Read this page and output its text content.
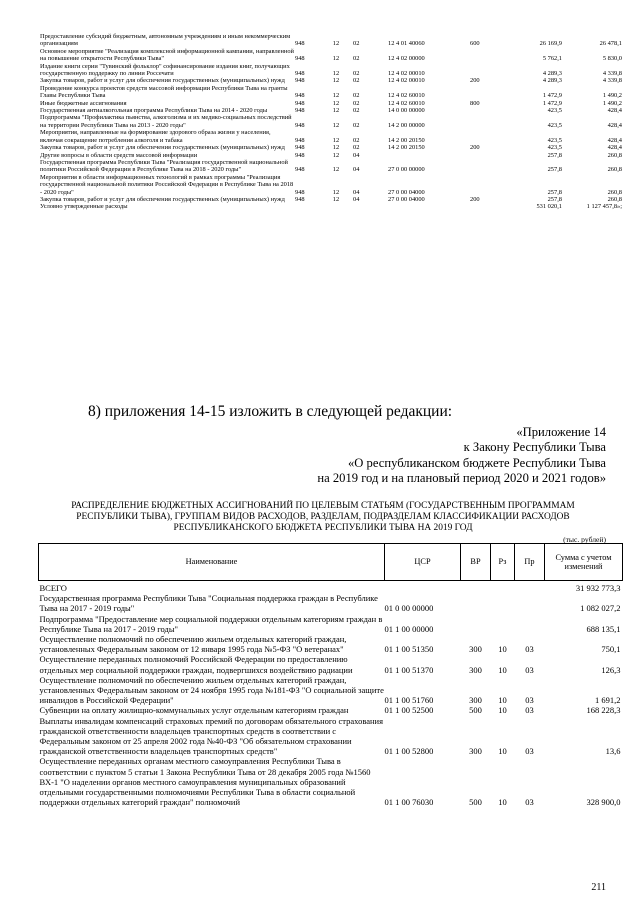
Предоставление субсидий бюджетным, автономным учреждениям и иным некоммерческим организациям	948	12	02	12 4 01 40060	600	26 169,9	26 478,1
Основное мероприятие "Реализация комплексной информационной кампании, направленной на повышение открытости Республики Тыва"	948	12	02	12 4 02 00000		5 762,1	5 830,0
Издание книги серии "Тувинский фольклор" софинансирование издания книг, получающих государственную поддержку по линии Россечати	948	12	02	12 4 02 00010		4 289,3	4 339,8
Закупка товаров, работ и услуг для обеспечения государственных (муниципальных) нужд	948	12	02	12 4 02 00010	200	4 289,3	4 339,8
Проведение конкурса проектов средств массовой информации Республики Тыва на гранты Главы Республики Тыва	948	12	02	12 4 02 60010		1 472,9	1 490,2
Иные бюджетные ассигнования	948	12	02	12 4 02 60010	800	1 472,9	1 490,2
Государственная антиалкогольная программа Республики Тыва на 2014 - 2020 годы	948	12	02	14 0 00 00000		423,5	428,4
Подпрограмма "Профилактика пьянства, алкоголизма и их медико-социальных последствий на территории Республики Тыва на 2013 - 2020 годы"	948	12	02	14 2 00 00000		423,5	428,4
Мероприятия, направленные на формирование здорового образа жизни у населения, включая сокращение потребления алкоголя и табака	948	12	02	14 2 00 20150		423,5	428,4
Закупка товаров, работ и услуг для обеспечения государственных (муниципальных) нужд	948	12	02	14 2 00 20150	200	423,5	428,4
Другие вопросы в области средств массовой информации	948	12	04			257,8	260,8
Государственная программа Республики Тыва "Реализация государственной национальной политики Российской Федерации в Республике Тыва на 2018 - 2020 годы"	948	12	04	27 0 00 00000		257,8	260,8
Мероприятия в области информационных технологий в рамках программы "Реализация государственной национальной политики Российской Федерации в Республике Тыва на 2018 - 2020 годы"	948	12	04	27 0 00 04000		257,8	260,8
Закупка товаров, работ и услуг для обеспечения государственных (муниципальных) нужд	948	12	04	27 0 00 04000	200	257,8	260,8
Условно утвержденные расходы						531 020,1	1 127 457,8»;
8) приложения 14-15 изложить в следующей редакции:
«Приложение 14
к Закону Республики Тыва
«О республиканском бюджете Республики Тыва
на 2019 год и на плановый период 2020 и 2021 годов»
РАСПРЕДЕЛЕНИЕ БЮДЖЕТНЫХ АССИГНОВАНИЙ ПО ЦЕЛЕВЫМ СТАТЬЯМ (ГОСУДАРСТВЕННЫМ ПРОГРАММАМ РЕСПУБЛИКИ ТЫВА), ГРУППАМ ВИДОВ РАСХОДОВ, РАЗДЕЛАМ, ПОДРАЗДЕЛАМ КЛАССИФИКАЦИИ РАСХОДОВ РЕСПУБЛИКАНСКОГО БЮДЖЕТА РЕСПУБЛИКИ ТЫВА НА 2019 ГОД
(тыс. рублей)
Наименование	ЦСР	ВР	Рз	Пр	Сумма с учетом изменений
ВСЕГО					31 932 773,3
Государственная программа Республики Тыва "Социальная поддержка граждан в Республике Тыва на 2017 - 2019 годы"	01 0 00 00000				1 082 027,2
Подпрограмма "Предоставление мер социальной поддержки отдельным категориям граждан в Республике Тыва на 2017 - 2019 годы"	01 1 00 00000				688 135,1
Осуществление полномочий по обеспечению жильем отдельных категорий граждан, установленных Федеральным законом от 12 января 1995 года №5-ФЗ "О ветеранах"	01 1 00 51350	300	10	03	750,1
Осуществление переданных полномочий Российской Федерации по предоставлению отдельных мер социальной поддержки граждан, подвергшихся воздействию радиации	01 1 00 51370	300	10	03	126,3
Осуществление полномочий по обеспечению жильем отдельных категорий граждан, установленных Федеральным законом от 24 ноября 1995 года №181-ФЗ "О социальной защите инвалидов в Российской Федерации"	01 1 00 51760	300	10	03	1 691,2
Субвенции на оплату жилищно-коммунальных услуг отдельным категориям граждан	01 1 00 52500	500	10	03	168 228,3
Выплаты инвалидам компенсаций страховых премий по договорам обязательного страхования гражданской ответственности владельцев транспортных средств в соответствии с Федеральным законом от 25 апреля 2002 года №40-ФЗ "Об обязательном страховании гражданской ответственности владельцев транспортных средств"	01 1 00 52800	300	10	03	13,6
Осуществление переданных органам местного самоуправления Республики Тыва в соответствии с пунктом 5 статьи 1 Закона Республики Тыва от 28 декабря 2005 года №1560 ВХ-1 "О наделении органов местного самоуправления муниципальных образований отдельными государственными полномочиями Республики Тыва в области социальной поддержки отдельных категорий граждан" полномочий	01 1 00 76030	500	10	03	328 900,0
211
